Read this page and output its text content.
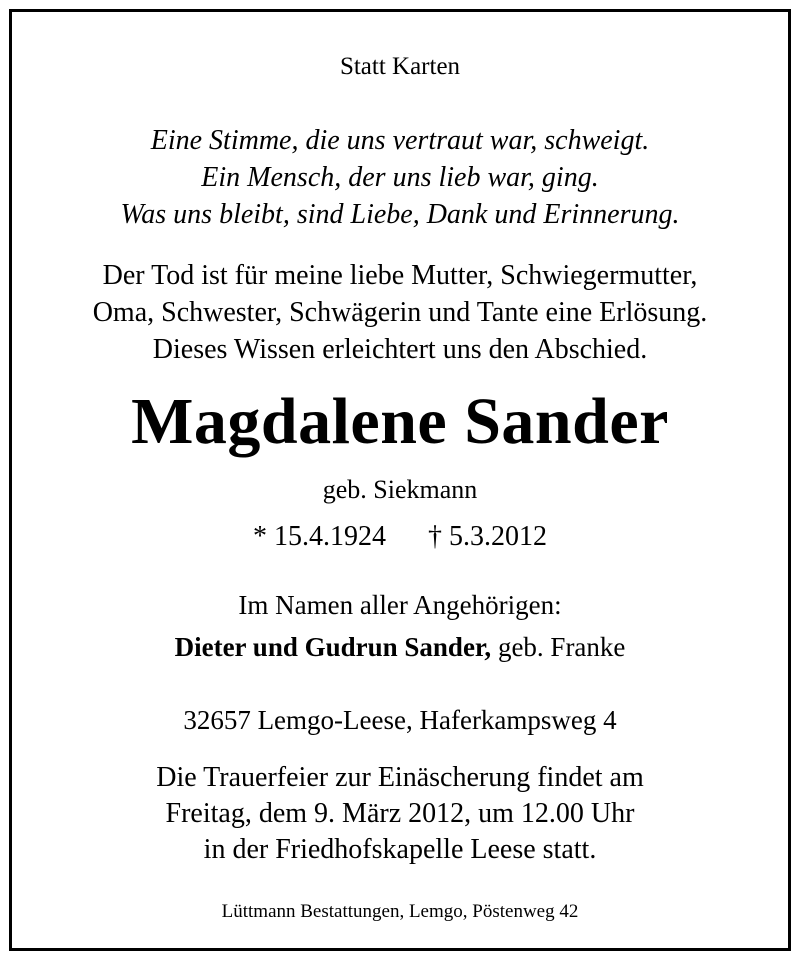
Statt Karten
Eine Stimme, die uns vertraut war, schweigt.
Ein Mensch, der uns lieb war, ging.
Was uns bleibt, sind Liebe, Dank und Erinnerung.
Der Tod ist für meine liebe Mutter, Schwiegermutter,
Oma, Schwester, Schwägerin und Tante eine Erlösung.
Dieses Wissen erleichtert uns den Abschied.
Magdalene Sander
geb. Siekmann
* 15.4.1924 † 5.3.2012
Im Namen aller Angehörigen:
Dieter und Gudrun Sander, geb. Franke
32657 Lemgo-Leese, Haferkampsweg 4
Die Trauerfeier zur Einäscherung findet am
Freitag, dem 9. März 2012, um 12.00 Uhr
in der Friedhofskapelle Leese statt.
Lüttmann Bestattungen, Lemgo, Pöstenweg 42
